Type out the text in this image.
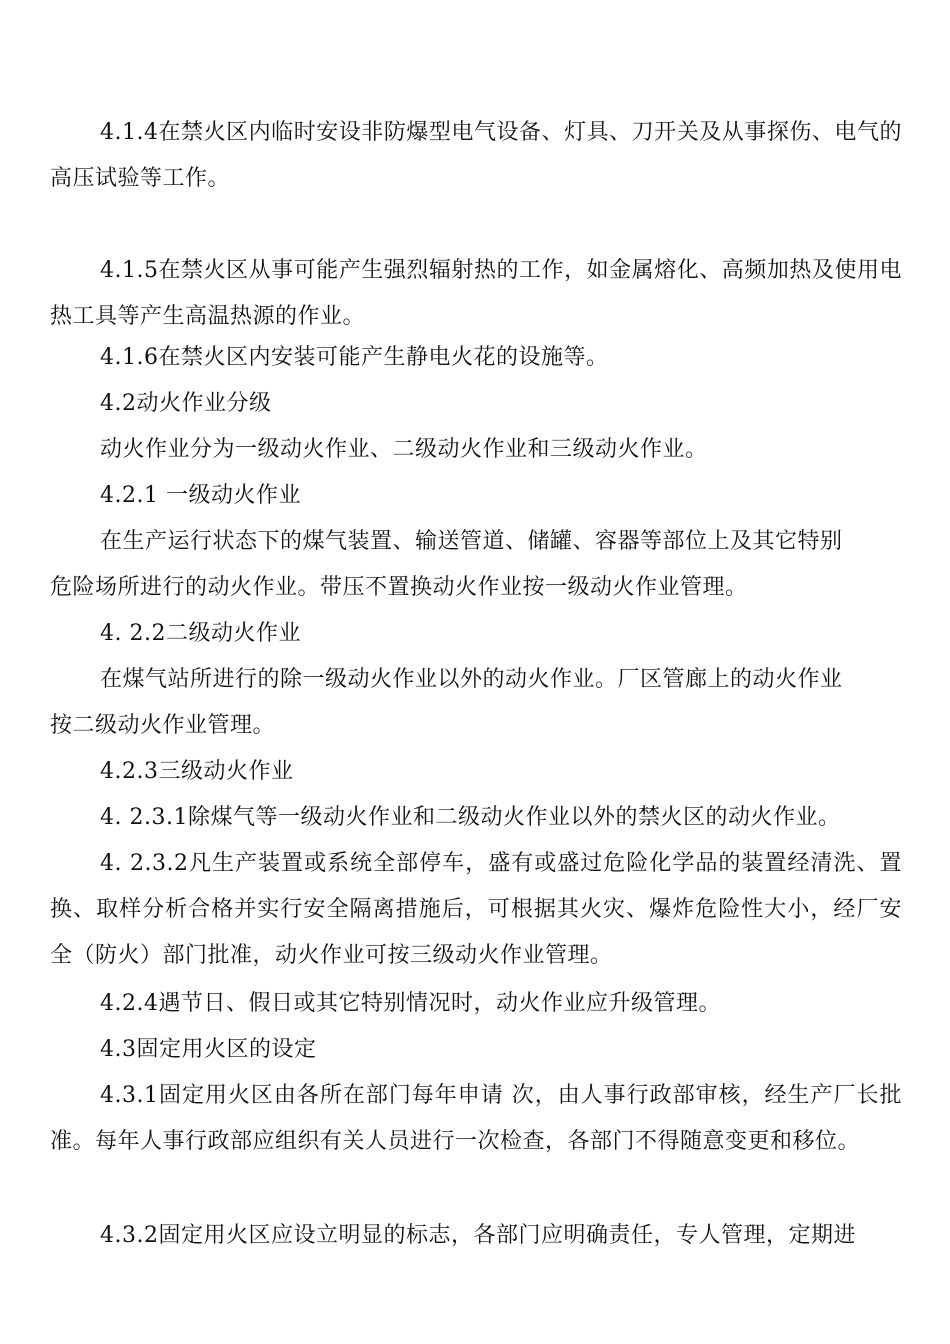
4.1.4在禁火区内临时安设非防爆型电气设备、灯具、刀开关及从事探伤、电气的高压试验等工作。

4.1.5在禁火区从事可能产生强烈辐射热的工作，如金属熔化、高频加热及使用电热工具等产生高温热源的作业。

4.1.6在禁火区内安装可能产生静电火花的设施等。

4.2动火作业分级

动火作业分为一级动火作业、二级动火作业和三级动火作业。

4.2.1 一级动火作业

在生产运行状态下的煤气装置、输送管道、储罐、容器等部位上及其它特别

危险场所进行的动火作业。带压不置换动火作业按一级动火作业管理。

4. 2.2二级动火作业

在煤气站所进行的除一级动火作业以外的动火作业。厂区管廊上的动火作业

按二级动火作业管理。

4.2.3三级动火作业

4. 2.3.1除煤气等一级动火作业和二级动火作业以外的禁火区的动火作业。

4. 2.3.2凡生产装置或系统全部停车，盛有或盛过危险化学品的装置经清洗、置换、取样分析合格并实行安全隔离措施后，可根据其火灾、爆炸危险性大小，经厂安全（防火）部门批准，动火作业可按三级动火作业管理。

4.2.4遇节日、假日或其它特别情况时，动火作业应升级管理。

4.3固定用火区的设定

4.3.1固定用火区由各所在部门每年申请 次，由人事行政部审核，经生产厂长批准。每年人事行政部应组织有关人员进行一次检查，各部门不得随意变更和移位。

4.3.2固定用火区应设立明显的标志，各部门应明确责任，专人管理，定期进
